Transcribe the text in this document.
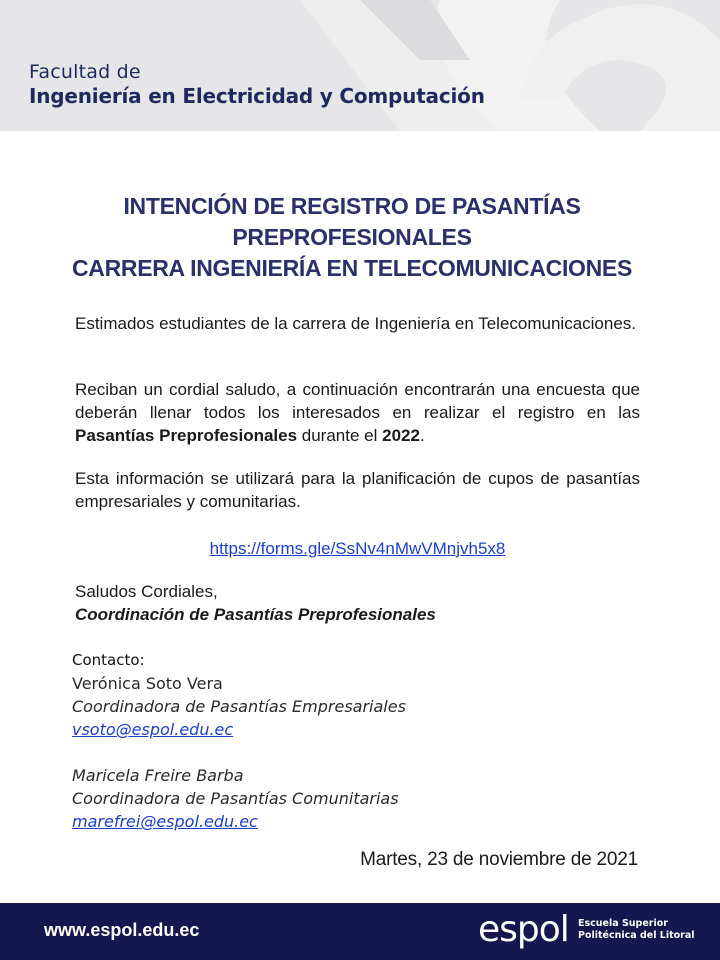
Facultad de
Ingeniería en Electricidad y Computación
INTENCIÓN DE REGISTRO DE PASANTÍAS
PREPROFESIONALES
CARRERA INGENIERÍA EN TELECOMUNICACIONES
Estimados estudiantes de la carrera de Ingeniería en Telecomunicaciones.
Reciban un cordial saludo, a continuación encontrarán una encuesta que deberán llenar todos los interesados en realizar el registro en las Pasantías Preprofesionales durante el 2022.
Esta información se utilizará para la planificación de cupos de pasantías empresariales y comunitarias.
https://forms.gle/SsNv4nMwVMnjvh5x8
Saludos Cordiales,
Coordinación de Pasantías Preprofesionales
Contacto:
Verónica Soto Vera
Coordinadora de Pasantías Empresariales
vsoto@espol.edu.ec
Maricela Freire Barba
Coordinadora de Pasantías Comunitarias
marefrei@espol.edu.ec
Martes, 23 de noviembre de 2021
www.espol.edu.ec	espol Escuela Superior
Politécnica del Litoral
